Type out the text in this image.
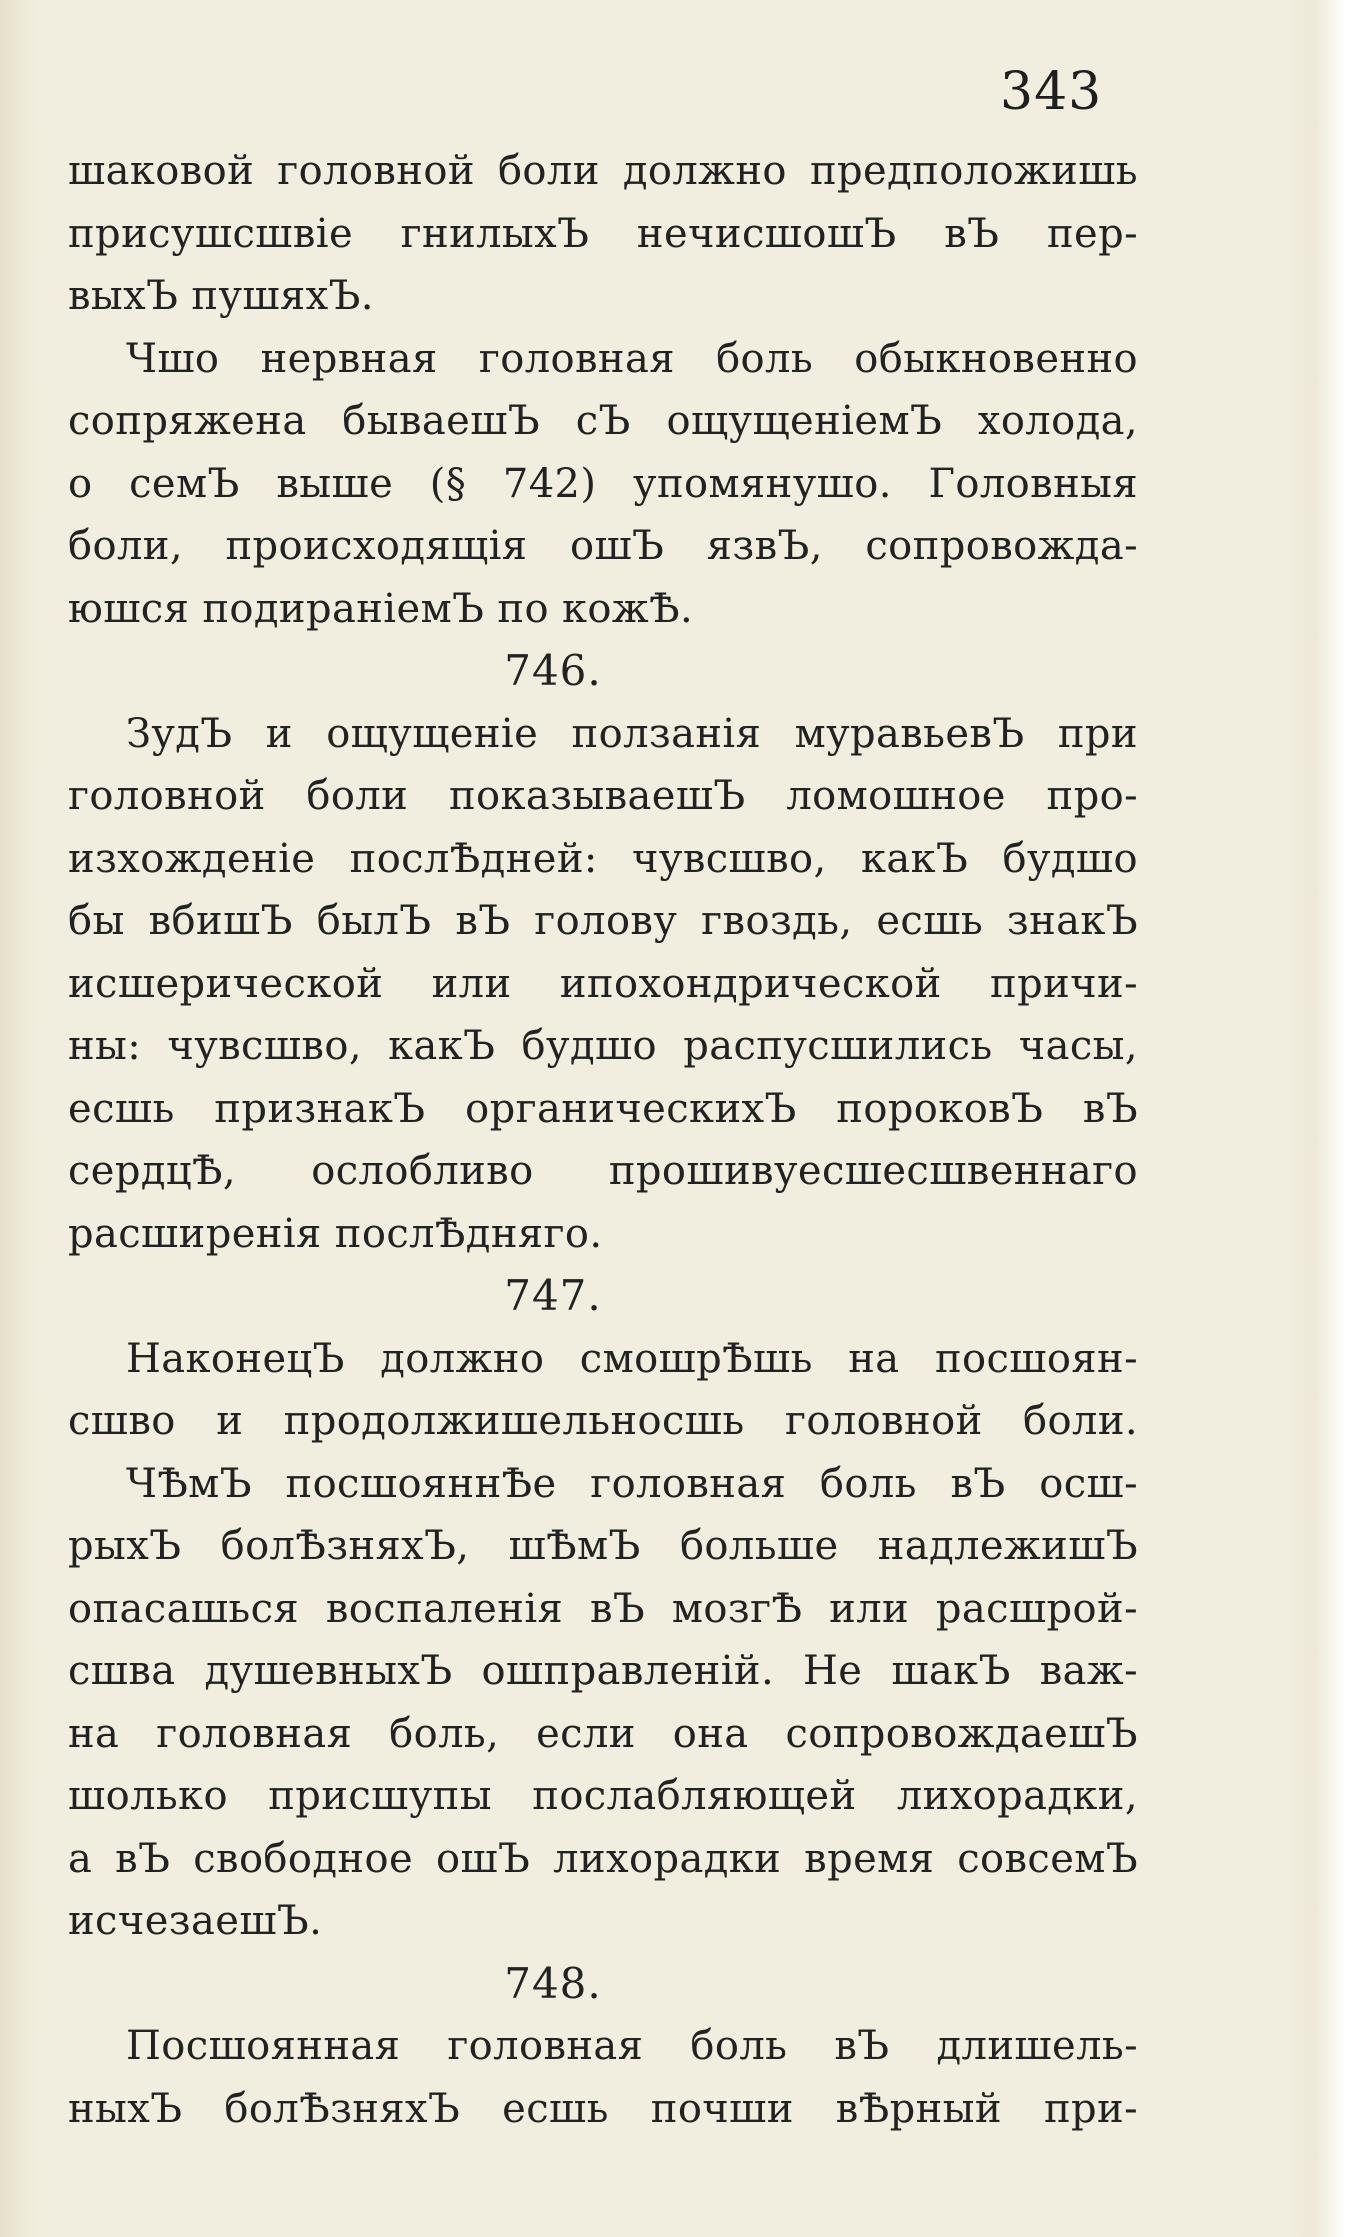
343
шаковой головной боли должно предположишь
присушсшвіе гнилыхЪ нечисшошЪ вЪ пер-
выхЪ пушяхЪ.
Чшо нервная головная боль обыкновенно
сопряжена бываешЪ сЪ ощущеніемЪ холода,
о семЪ выше (§ 742) упомянушо. Головныя
боли, происходящія ошЪ язвЪ, сопровожда-
юшся подираніемЪ по кожѢ.
746.
ЗудЪ и ощущеніе ползанія муравьевЪ при
головной боли показываешЪ ломошное про-
изхожденіе послѢдней: чувсшво, какЪ будшо
бы вбишЪ былЪ вЪ голову гвоздь, есшь знакЪ
исшерической или ипохондрической причи-
ны: чувсшво, какЪ будшо распусшились часы,
есшь признакЪ органическихЪ пороковЪ вЪ
сердцѢ, ослобливо прошивуесшесшвеннаго
расширенія послѢдняго.
747.
НаконецЪ должно смошрѢшь на посшоян-
сшво и продолжишельносшь головной боли.
ЧѢмЪ посшояннѢе головная боль вЪ осш-
рыхЪ болѢзняхЪ, шѢмЪ больше надлежишЪ
опасашься воспаленія вЪ мозгѢ или расшрой-
сшва душевныхЪ ошправленій. Не шакЪ важ-
на головная боль, если она сопровождаешЪ
шолько присшупы послабляющей лихорадки,
а вЪ свободное ошЪ лихорадки время совсемЪ
исчезаешЪ.
748.
Посшоянная головная боль вЪ длишель-
ныхЪ болѢзняхЪ есшь почши вѢрный при-
